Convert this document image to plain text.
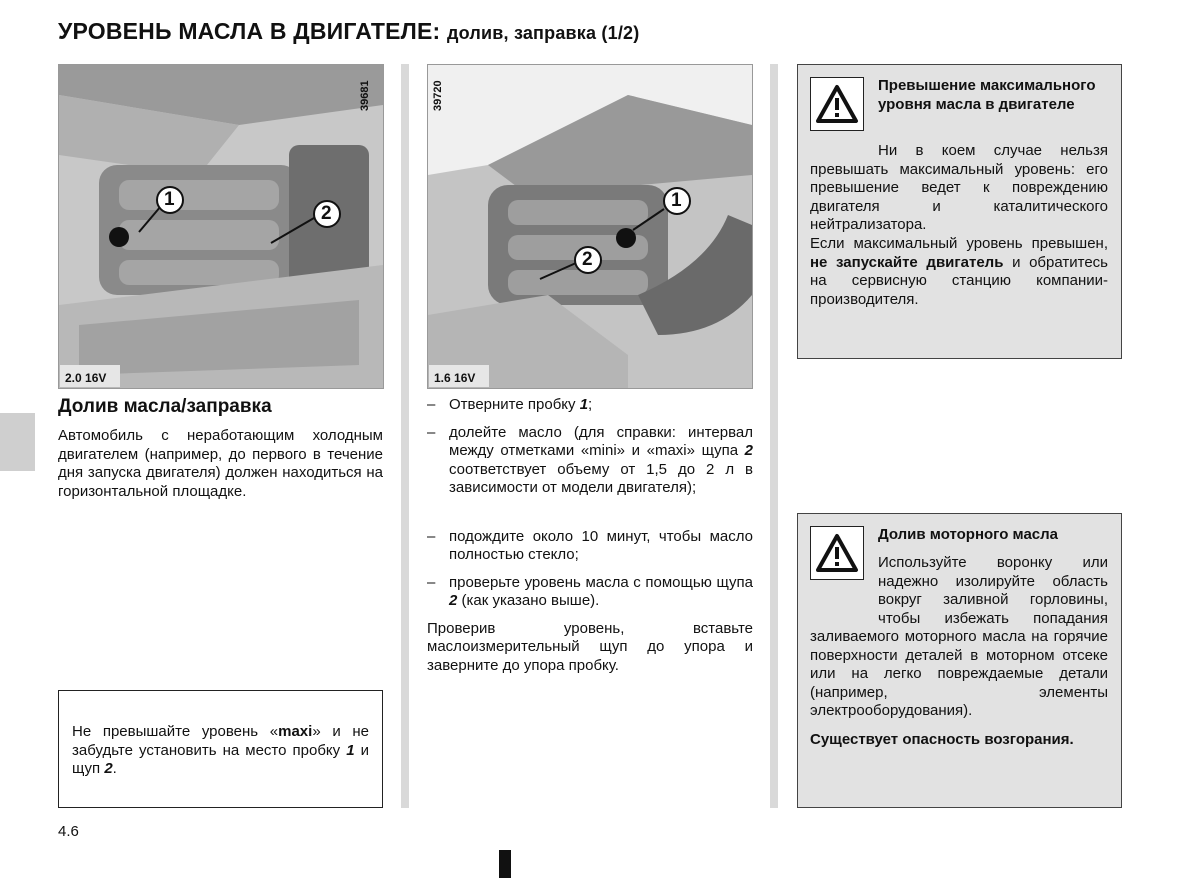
УРОВЕНЬ МАСЛА В ДВИГАТЕЛЕ: долив, заправка (1/2)
1
2
2.0 16V
39681
1
2
1.6 16V
39720
Долив масла/заправка
Автомобиль с неработающим холодным двигателем (например, до первого в течение дня запуска двигателя) должен находиться на горизонтальной площадке.
Не превышайте уровень «maxi» и не забудьте установить на место пробку 1 и щуп 2.
– Отверните пробку 1;
– долейте масло (для справки: интервал между отметками «mini» и «maxi» щупа 2 соответствует объему от 1,5 до 2 л в зависимости от модели двигателя);
– подождите около 10 минут, чтобы масло полностью стекло;
– проверьте уровень масла с помощью щупа 2 (как указано выше).
Проверив уровень, вставьте маслоизмерительный щуп до упора и заверните до упора пробку.
Превышение максимального уровня масла в двигателе
Ни в коем случае нельзя превышать максимальный уровень: его превышение ведет к повреждению двигателя и каталитического нейтрализатора.
Если максимальный уровень превышен, не запускайте двигатель и обратитесь на сервисную станцию компании-производителя.
Долив моторного масла
Используйте воронку или надежно изолируйте область вокруг заливной горловины, чтобы избежать попадания заливаемого моторного масла на горячие поверхности деталей в моторном отсеке или на легко повреждаемые детали (например, элементы электрооборудования).
Существует опасность возгорания.
4.6
